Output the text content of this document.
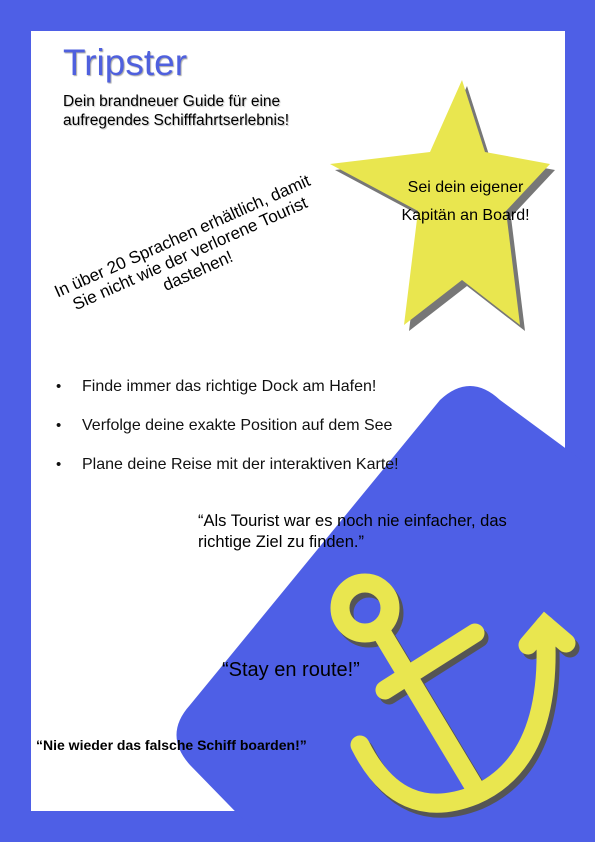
Tripster
Dein brandneuer Guide für eine aufregendes Schifffahrtserlebnis!
In über 20 Sprachen erhältlich, damit Sie nicht wie der verlorene Tourist dastehen!
Sei dein eigener Kapitän an Board!
• Finde immer das richtige Dock am Hafen!
• Verfolge deine exakte Position auf dem See
• Plane deine Reise mit der interaktiven Karte!
“Als Tourist war es noch nie einfacher, das richtige Ziel zu finden.”
“Stay en route!”
“Nie wieder das falsche Schiff boarden!”
